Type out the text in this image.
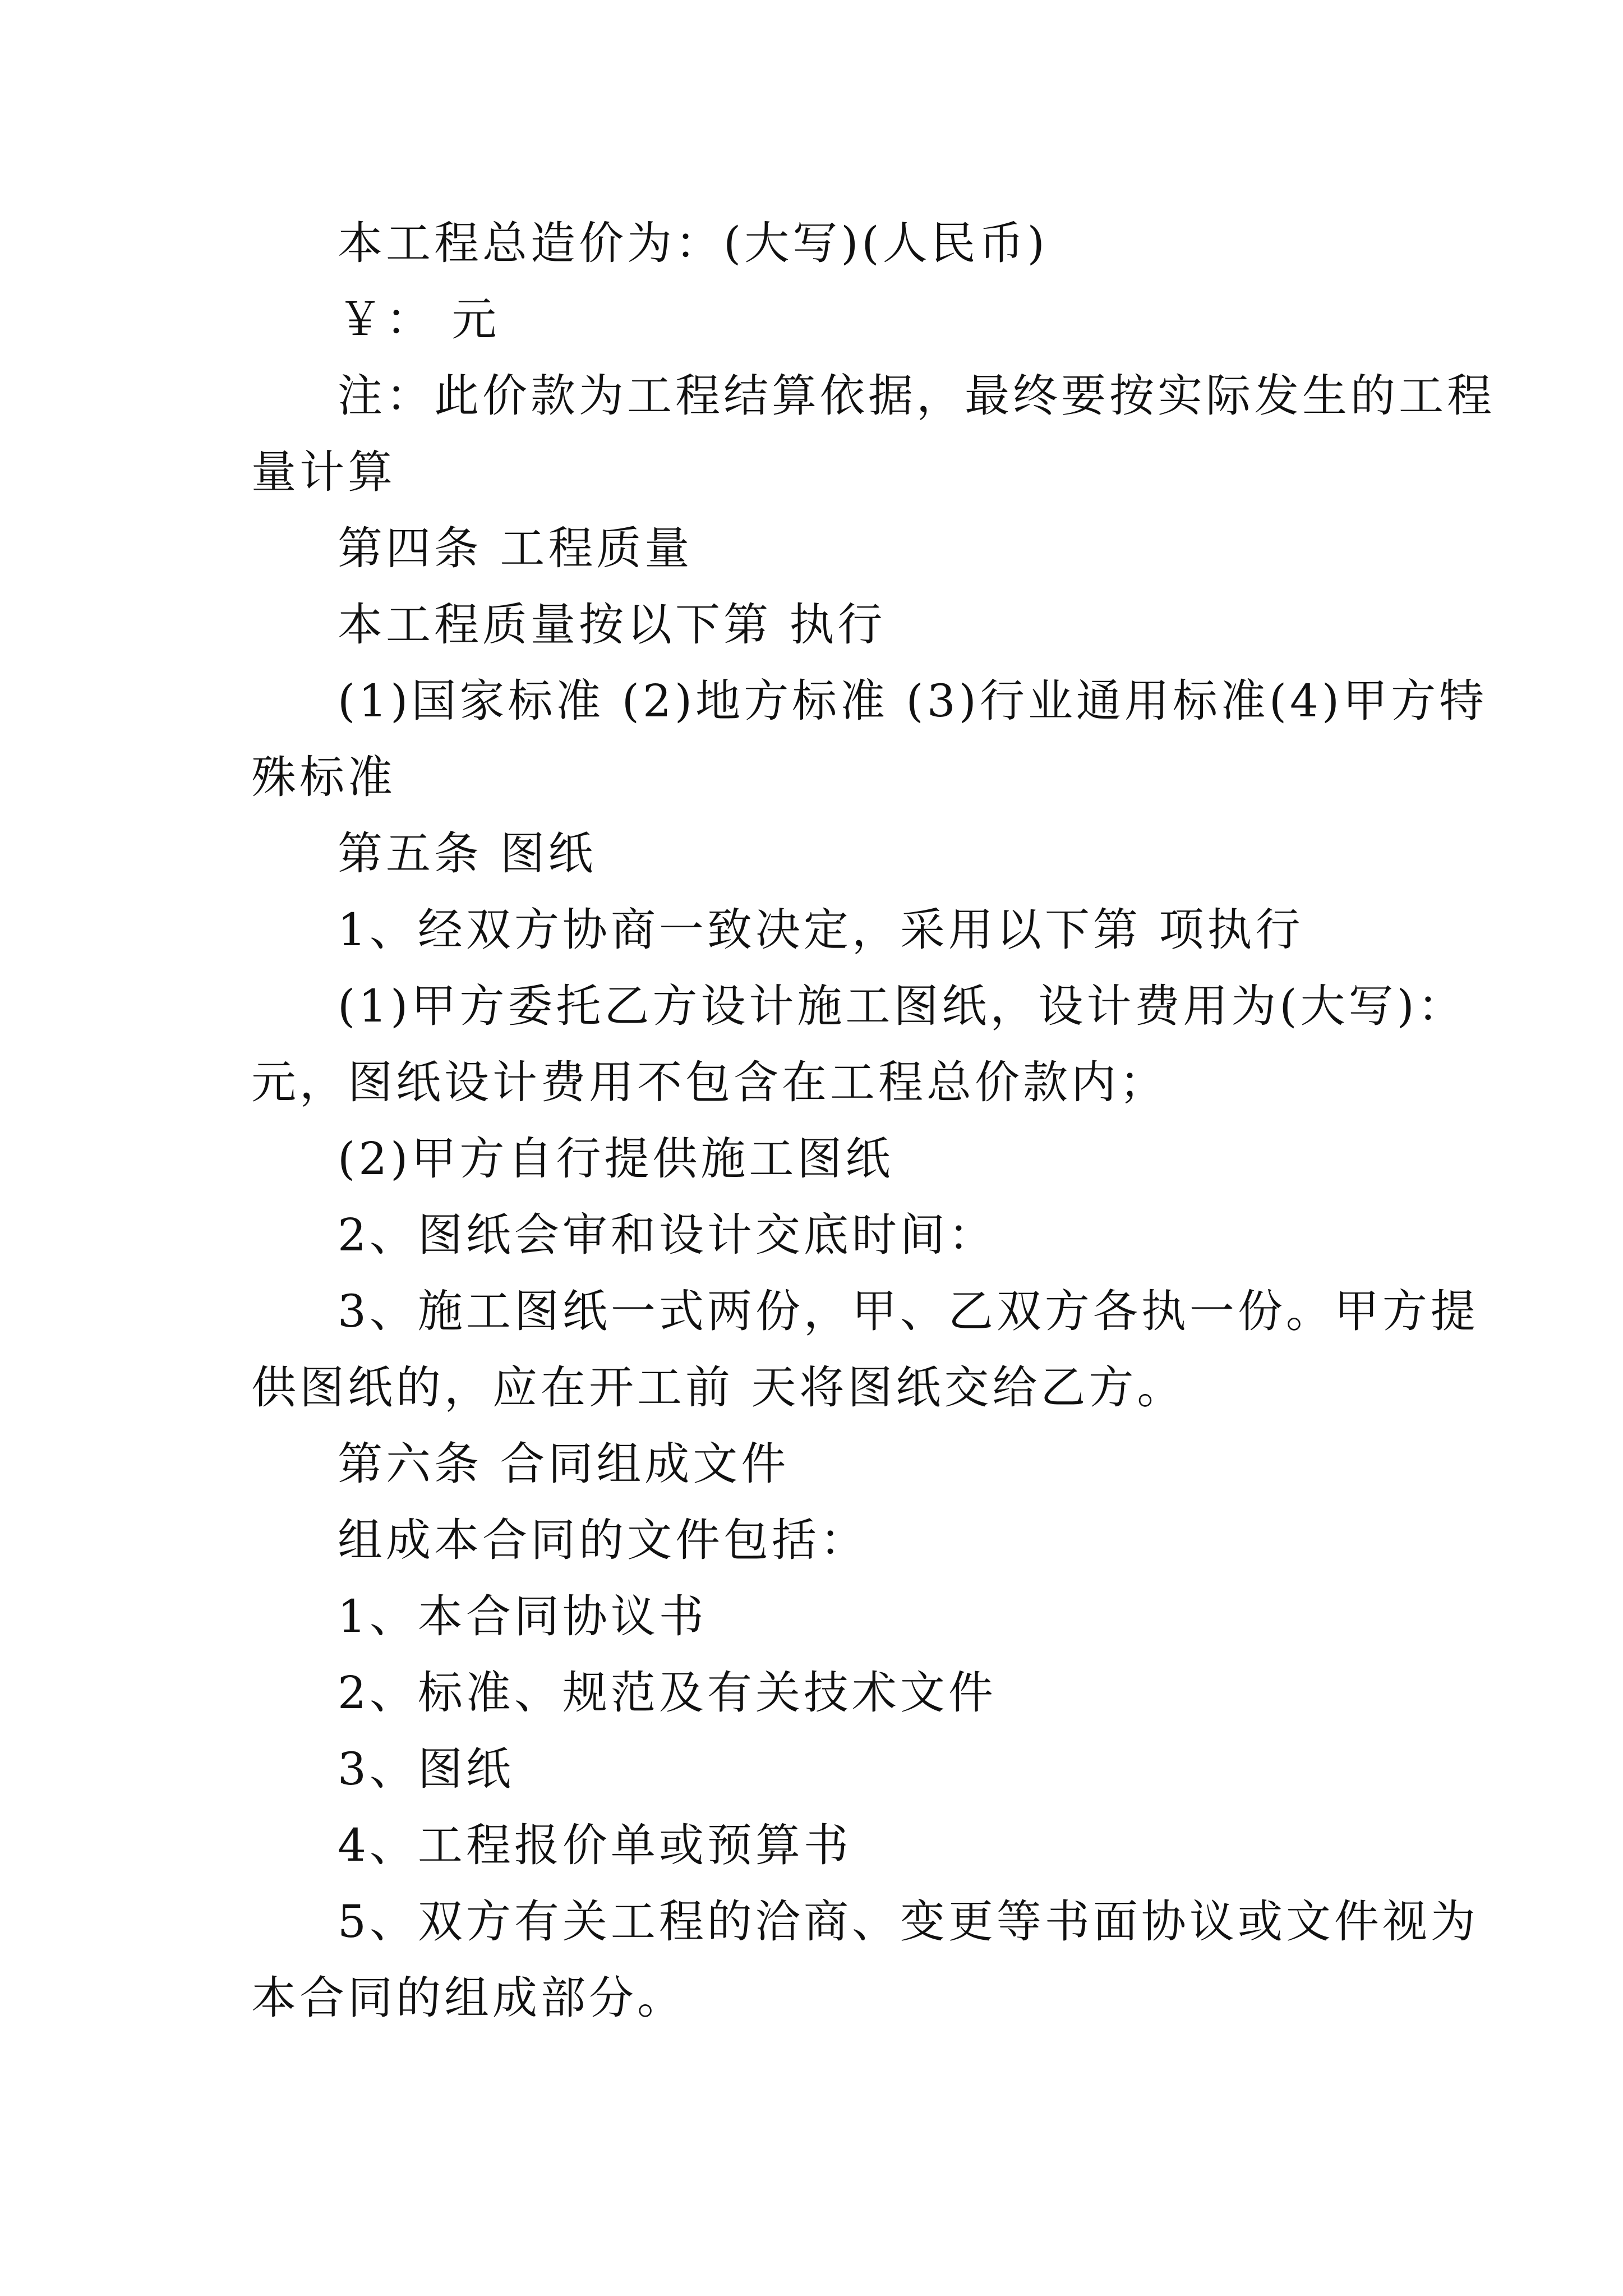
本工程总造价为：(大写)(人民币)
￥： 元
注：此价款为工程结算依据，最终要按实际发生的工程
量计算
第四条 工程质量
本工程质量按以下第 执行
(1)国家标准 (2)地方标准 (3)行业通用标准(4)甲方特
殊标准
第五条 图纸
1、经双方协商一致决定，采用以下第 项执行
(1)甲方委托乙方设计施工图纸，设计费用为(大写)：
元，图纸设计费用不包含在工程总价款内；
(2)甲方自行提供施工图纸
2、图纸会审和设计交底时间：
3、施工图纸一式两份，甲、乙双方各执一份。甲方提
供图纸的，应在开工前 天将图纸交给乙方。
第六条 合同组成文件
组成本合同的文件包括：
1、本合同协议书
2、标准、规范及有关技术文件
3、图纸
4、工程报价单或预算书
5、双方有关工程的洽商、变更等书面协议或文件视为
本合同的组成部分。
